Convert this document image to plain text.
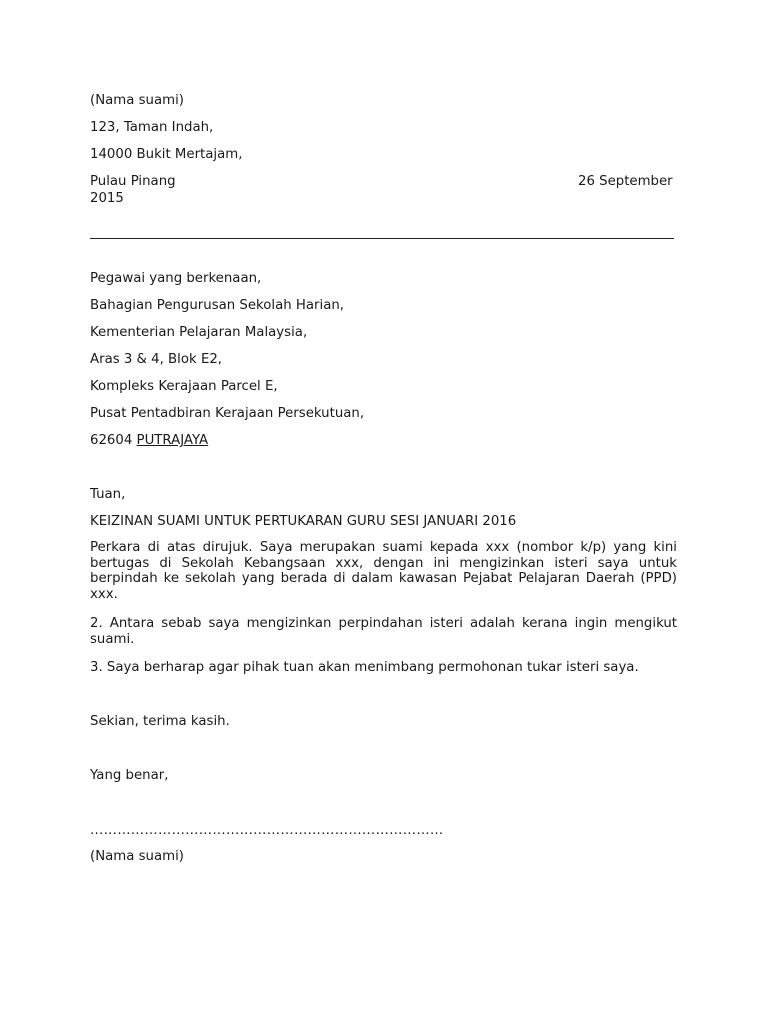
(Nama suami)
123, Taman Indah,
14000 Bukit Mertajam,
Pulau Pinang	26 September
2015
Pegawai yang berkenaan,
Bahagian Pengurusan Sekolah Harian,
Kementerian Pelajaran Malaysia,
Aras 3 & 4, Blok E2,
Kompleks Kerajaan Parcel E,
Pusat Pentadbiran Kerajaan Persekutuan,
62604 PUTRAJAYA
Tuan,
KEIZINAN SUAMI UNTUK PERTUKARAN GURU SESI JANUARI 2016
Perkara di atas dirujuk. Saya merupakan suami kepada xxx (nombor k/p) yang kini bertugas di Sekolah Kebangsaan xxx, dengan ini mengizinkan isteri saya untuk berpindah ke sekolah yang berada di dalam kawasan Pejabat Pelajaran Daerah (PPD) xxx.
2. Antara sebab saya mengizinkan perpindahan isteri adalah kerana ingin mengikut suami.
3. Saya berharap agar pihak tuan akan menimbang permohonan tukar isteri saya.
Sekian, terima kasih.
Yang benar,
……………………………………………………………………
(Nama suami)
